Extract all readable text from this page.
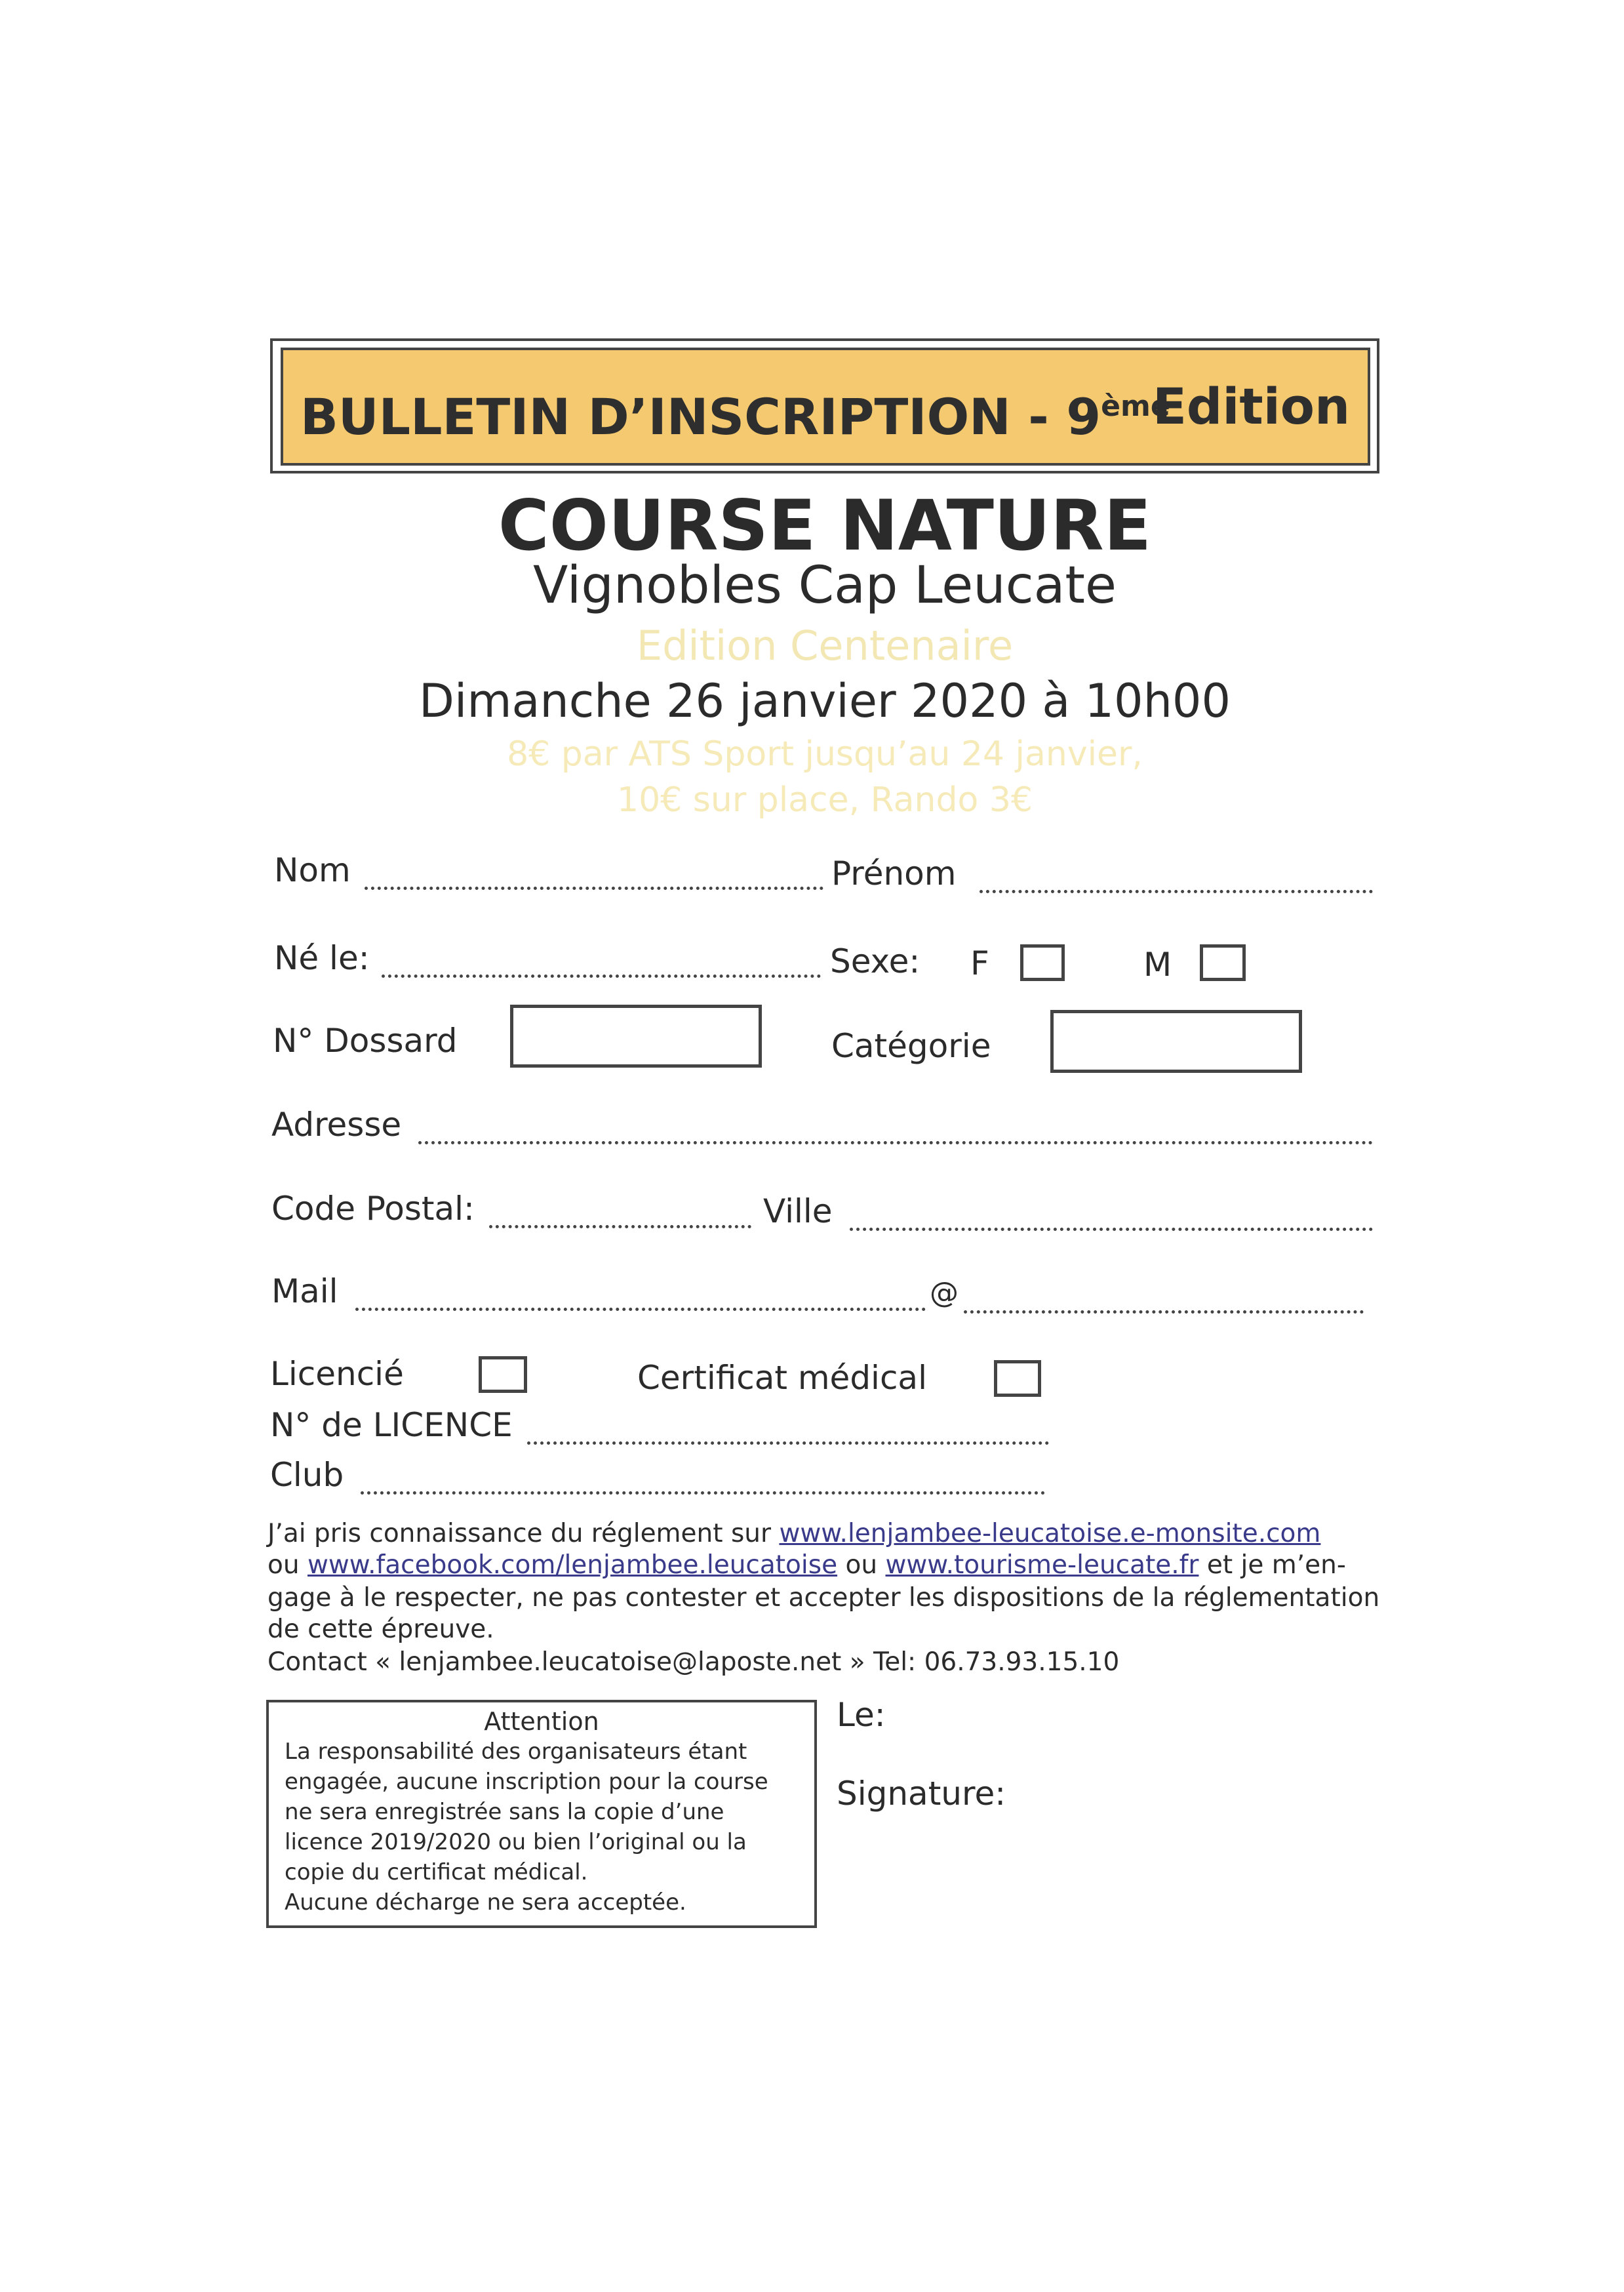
BULLETIN D’INSCRIPTION - 9ème
Edition
COURSE NATURE
Vignobles Cap Leucate
Edition Centenaire
Dimanche 26 janvier 2020 à 10h00
8€ par ATS Sport jusqu’au 24 janvier,
10€ sur place, Rando 3€
Nom	Prénom
Né le:	Sexe: F	M
N° Dossard	Catégorie
Adresse
Code Postal:	Ville
Mail	@
Licencié	Certificat médical
N° de LICENCE
Club
J’ai pris connaissance du réglement sur www.lenjambee-leucatoise.e-monsite.com
ou www.facebook.com/lenjambee.leucatoise ou www.tourisme-leucate.fr et je m’en-
gage à le respecter, ne pas contester et accepter les dispositions de la réglementation
de cette épreuve.
Contact « lenjambee.leucatoise@laposte.net » Tel: 06.73.93.15.10
Attention
La responsabilité des organisateurs étant
engagée, aucune inscription pour la course
ne sera enregistrée sans la copie d’une
licence 2019/2020 ou bien l’original ou la
copie du certificat médical.
Aucune décharge ne sera acceptée.
Le:
Signature:
